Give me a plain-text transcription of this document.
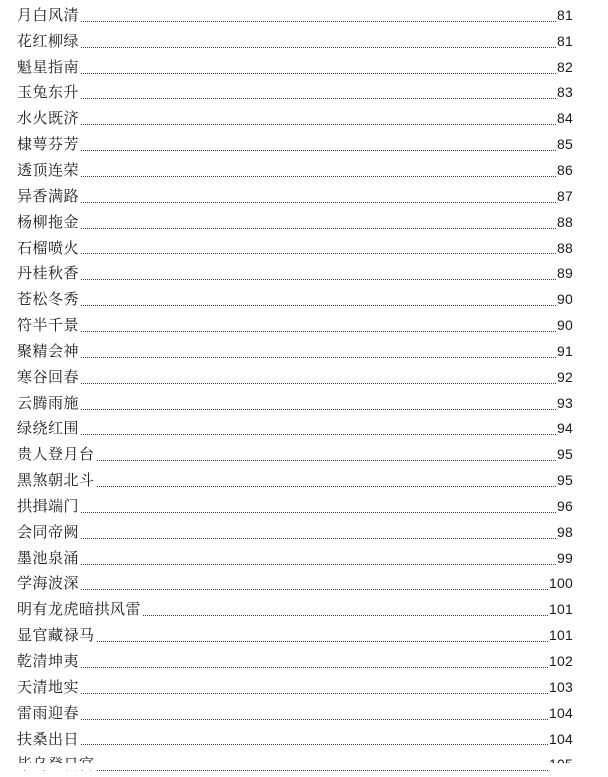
月白风清	81
花红柳绿	81
魁星指南	82
玉兔东升	83
水火既济	84
棣萼芬芳	85
透顶连荣	86
异香满路	87
杨柳拖金	88
石榴喷火	88
丹桂秋香	89
苍松冬秀	90
符半千景	90
聚精会神	91
寒谷回春	92
云腾雨施	93
绿绕红围	94
贵人登月台	95
黑煞朝北斗	95
拱揖端门	96
会同帝阙	98
墨池泉涌	99
学海波深	100
明有龙虎暗拱风雷	101
显官藏禄马	101
乾清坤夷	102
天清地实	103
雷雨迎春	104
扶桑出日	104
